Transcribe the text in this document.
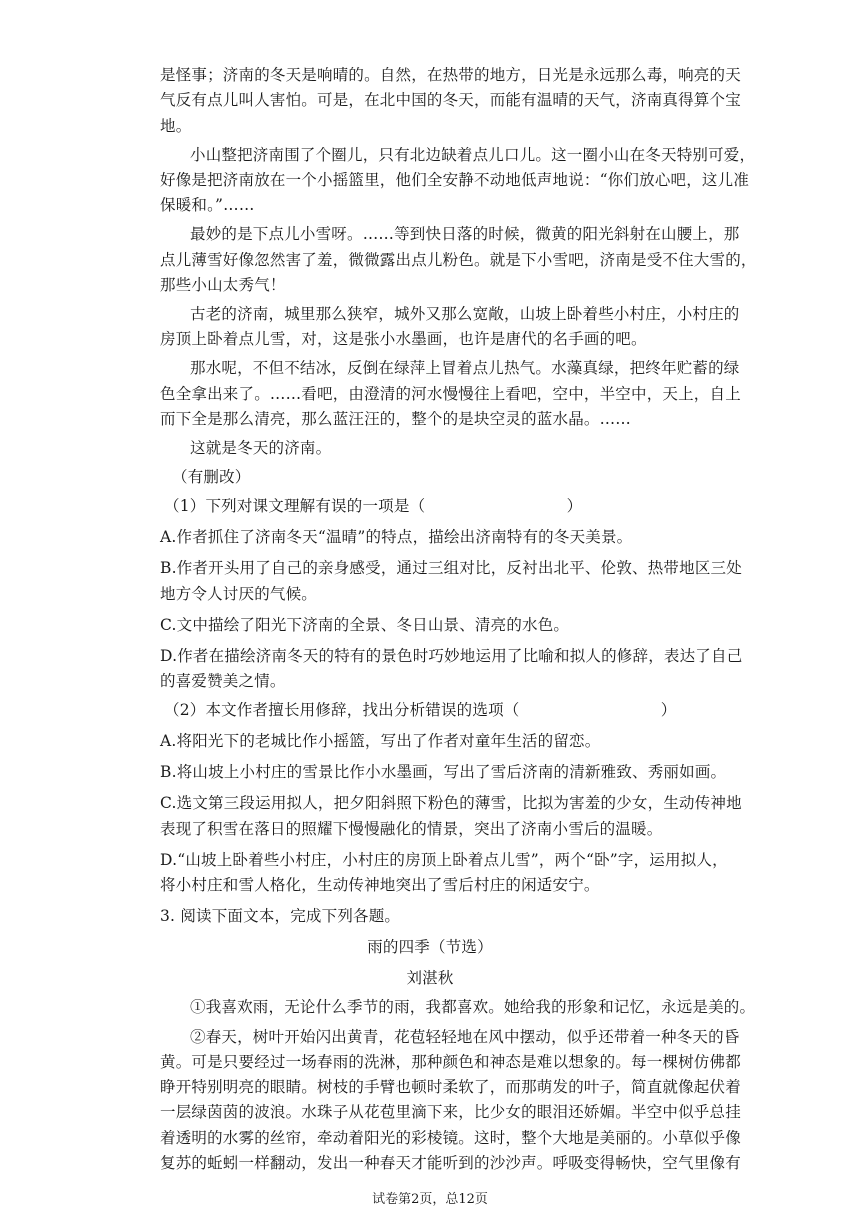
是怪事；济南的冬天是响晴的。自然，在热带的地方，日光是永远那么毒，响亮的天
气反有点儿叫人害怕。可是，在北中国的冬天，而能有温晴的天气，济南真得算个宝
地。
小山整把济南围了个圈儿，只有北边缺着点儿口儿。这一圈小山在冬天特别可爱，
好像是把济南放在一个小摇篮里，他们全安静不动地低声地说：“你们放心吧，这儿准
保暖和。”……
最妙的是下点儿小雪呀。……等到快日落的时候，微黄的阳光斜射在山腰上，那
点儿薄雪好像忽然害了羞，微微露出点儿粉色。就是下小雪吧，济南是受不住大雪的，
那些小山太秀气！
古老的济南，城里那么狭窄，城外又那么宽敞，山坡上卧着些小村庄，小村庄的
房顶上卧着点儿雪，对，这是张小水墨画，也许是唐代的名手画的吧。
那水呢，不但不结冰，反倒在绿萍上冒着点儿热气。水藻真绿，把终年贮蓄的绿
色全拿出来了。……看吧，由澄清的河水慢慢往上看吧，空中，半空中，天上，自上
而下全是那么清亮，那么蓝汪汪的，整个的是块空灵的蓝水晶。……
这就是冬天的济南。
（有删改）
（1）下列对课文理解有误的一项是（　　　　　　　　　）
A.作者抓住了济南冬天“温晴”的特点，描绘出济南特有的冬天美景。
B.作者开头用了自己的亲身感受，通过三组对比，反衬出北平、伦敦、热带地区三处
地方令人讨厌的气候。
C.文中描绘了阳光下济南的全景、冬日山景、清亮的水色。
D.作者在描绘济南冬天的特有的景色时巧妙地运用了比喻和拟人的修辞，表达了自己
的喜爱赞美之情。
（2）本文作者擅长用修辞，找出分析错误的选项（　　　　　　　　　）
A.将阳光下的老城比作小摇篮，写出了作者对童年生活的留恋。
B.将山坡上小村庄的雪景比作小水墨画，写出了雪后济南的清新雅致、秀丽如画。
C.选文第三段运用拟人，把夕阳斜照下粉色的薄雪，比拟为害羞的少女，生动传神地
表现了积雪在落日的照耀下慢慢融化的情景，突出了济南小雪后的温暖。
D.“山坡上卧着些小村庄，小村庄的房顶上卧着点儿雪”，两个“卧”字，运用拟人，
将小村庄和雪人格化，生动传神地突出了雪后村庄的闲适安宁。
3. 阅读下面文本，完成下列各题。
雨的四季（节选）
刘湛秋
①我喜欢雨，无论什么季节的雨，我都喜欢。她给我的形象和记忆，永远是美的。
②春天，树叶开始闪出黄青，花苞轻轻地在风中摆动，似乎还带着一种冬天的昏
黄。可是只要经过一场春雨的洗淋，那种颜色和神态是难以想象的。每一棵树仿佛都
睁开特别明亮的眼睛。树枝的手臂也顿时柔软了，而那萌发的叶子，简直就像起伏着
一层绿茵茵的波浪。水珠子从花苞里滴下来，比少女的眼泪还娇媚。半空中似乎总挂
着透明的水雾的丝帘，牵动着阳光的彩棱镜。这时，整个大地是美丽的。小草似乎像
复苏的蚯蚓一样翻动，发出一种春天才能听到的沙沙声。呼吸变得畅快，空气里像有
试卷第2页，总12页
